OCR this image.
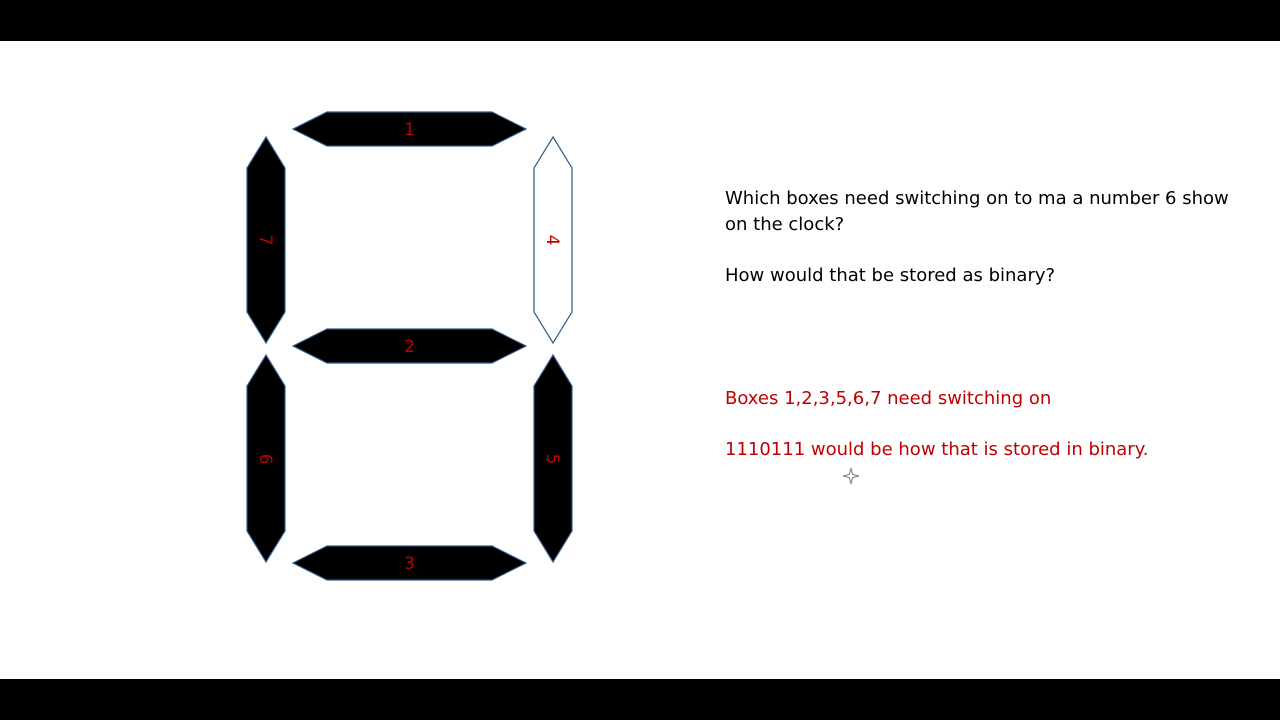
1
2
3
4
5
6
7

Which boxes need switching on to ma a number 6 show on the clock?

How would that be stored as binary?

Boxes 1,2,3,5,6,7 need switching on

1110111 would be how that is stored in binary.
